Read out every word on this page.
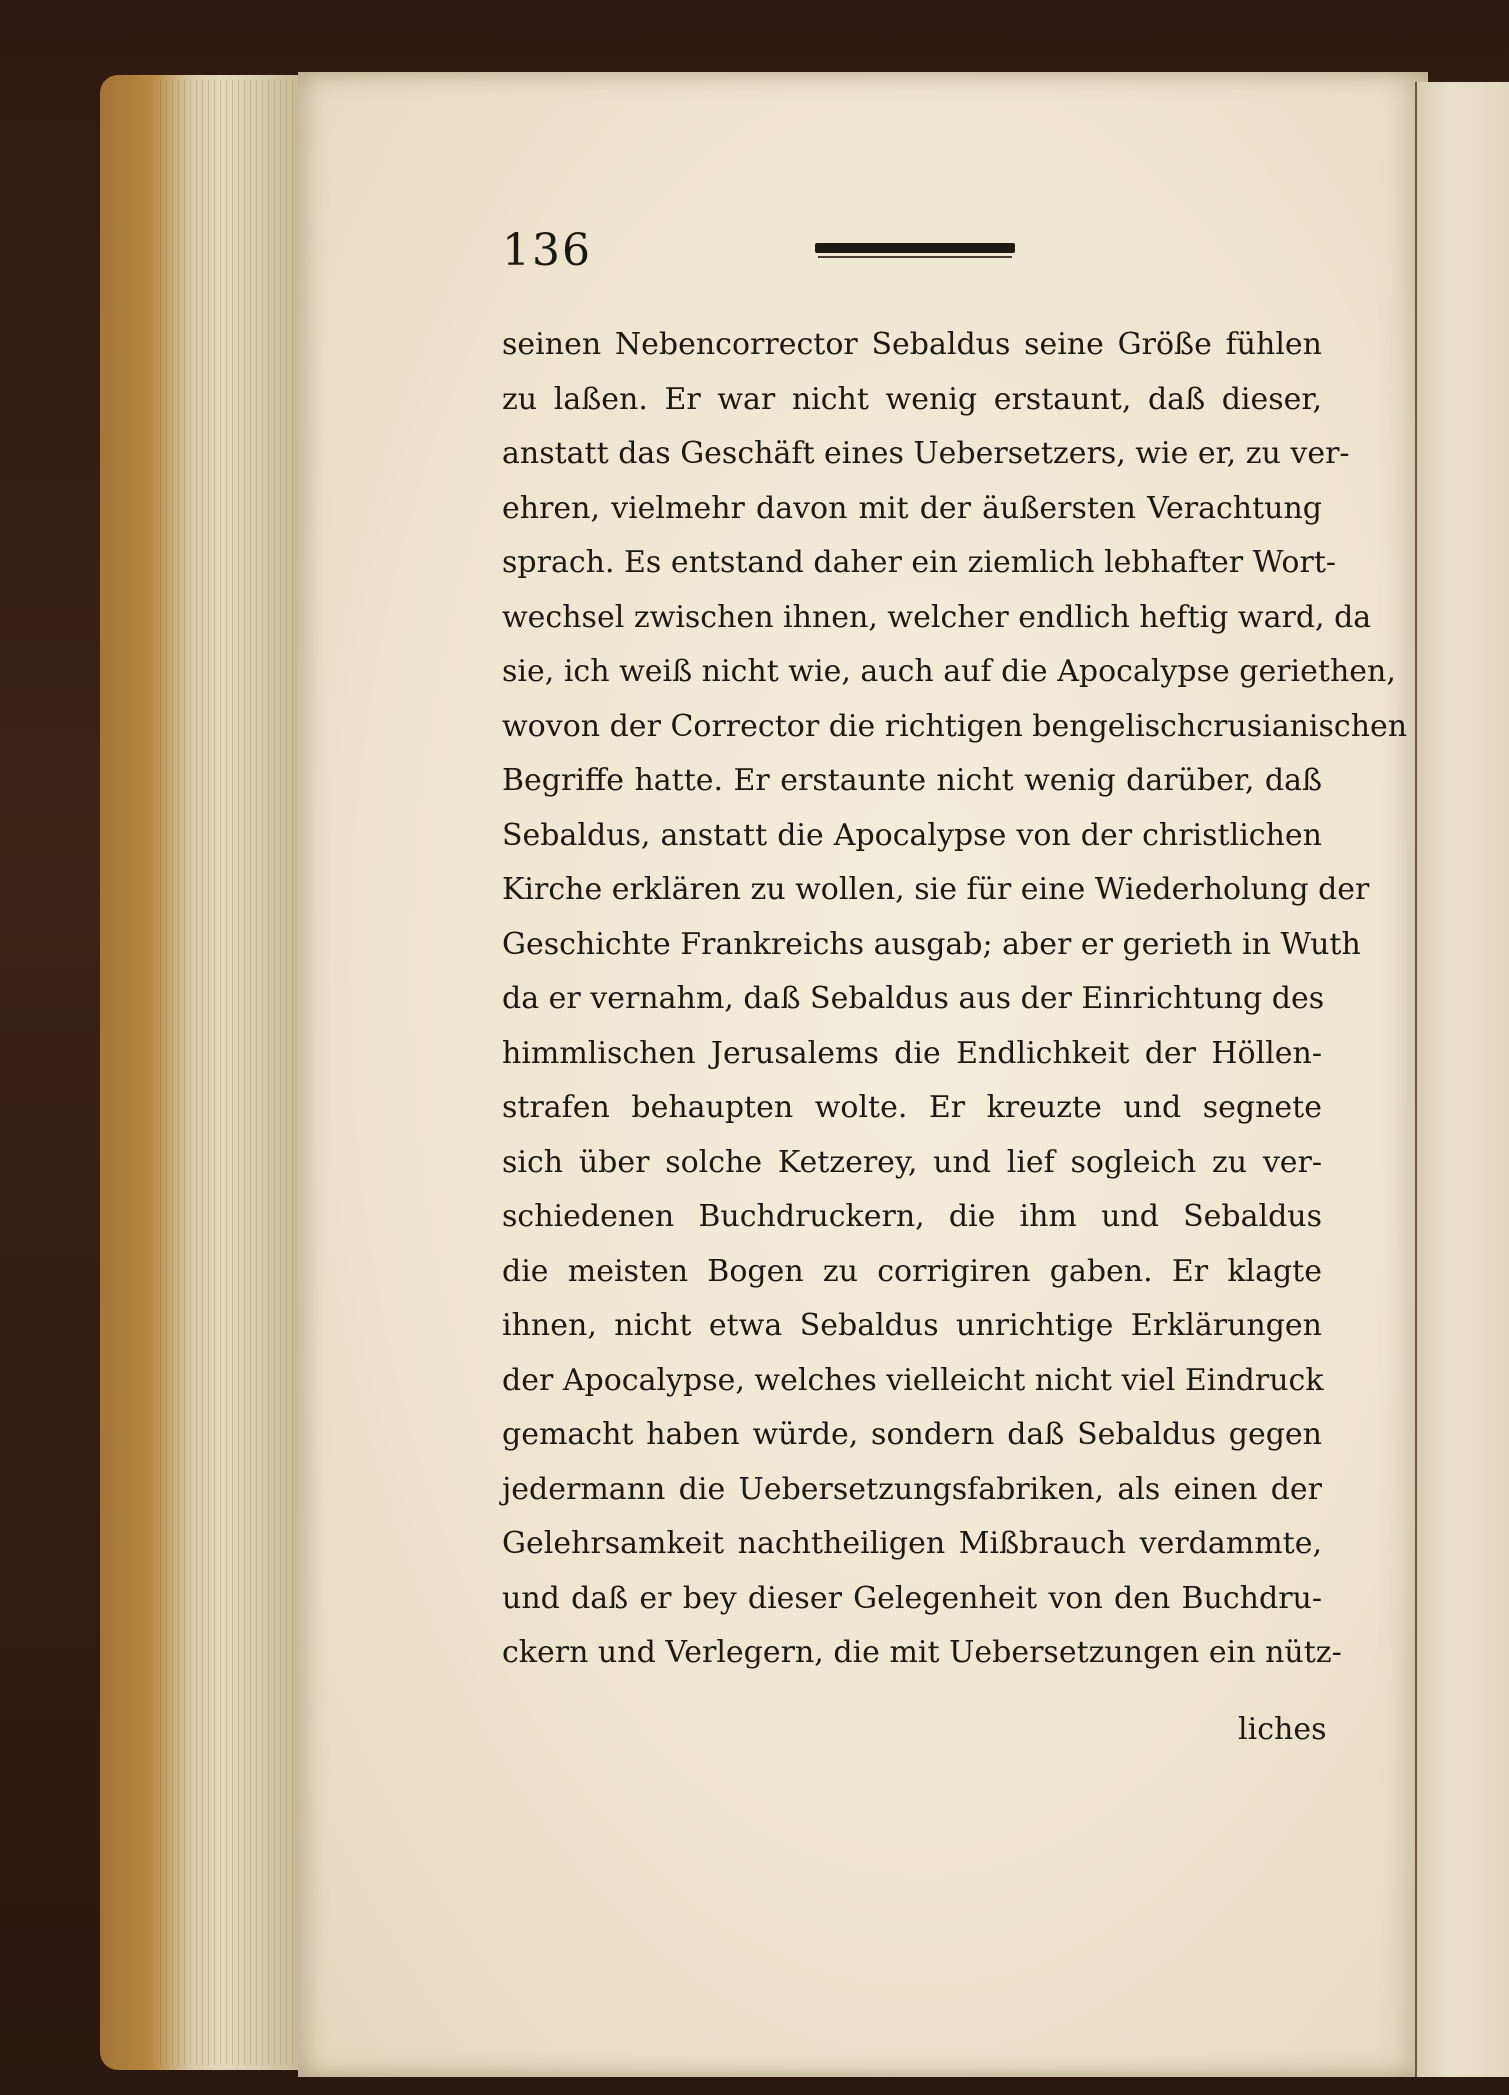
136
seinen Nebencorrector Sebaldus seine Größe fühlen
zu laßen. Er war nicht wenig erstaunt, daß dieser,
anstatt das Geschäft eines Uebersetzers, wie er, zu ver-
ehren, vielmehr davon mit der äußersten Verachtung
sprach. Es entstand daher ein ziemlich lebhafter Wort-
wechsel zwischen ihnen, welcher endlich heftig ward, da
sie, ich weiß nicht wie, auch auf die Apocalypse geriethen,
wovon der Corrector die richtigen bengelischcrusianischen
Begriffe hatte. Er erstaunte nicht wenig darüber, daß
Sebaldus, anstatt die Apocalypse von der christlichen
Kirche erklären zu wollen, sie für eine Wiederholung der
Geschichte Frankreichs ausgab; aber er gerieth in Wuth
da er vernahm, daß Sebaldus aus der Einrichtung des
himmlischen Jerusalems die Endlichkeit der Höllen-
strafen behaupten wolte. Er kreuzte und segnete
sich über solche Ketzerey, und lief sogleich zu ver-
schiedenen Buchdruckern, die ihm und Sebaldus
die meisten Bogen zu corrigiren gaben. Er klagte
ihnen, nicht etwa Sebaldus unrichtige Erklärungen
der Apocalypse, welches vielleicht nicht viel Eindruck
gemacht haben würde, sondern daß Sebaldus gegen
jedermann die Uebersetzungsfabriken, als einen der
Gelehrsamkeit nachtheiligen Mißbrauch verdammte,
und daß er bey dieser Gelegenheit von den Buchdru-
ckern und Verlegern, die mit Uebersetzungen ein nütz-
liches
